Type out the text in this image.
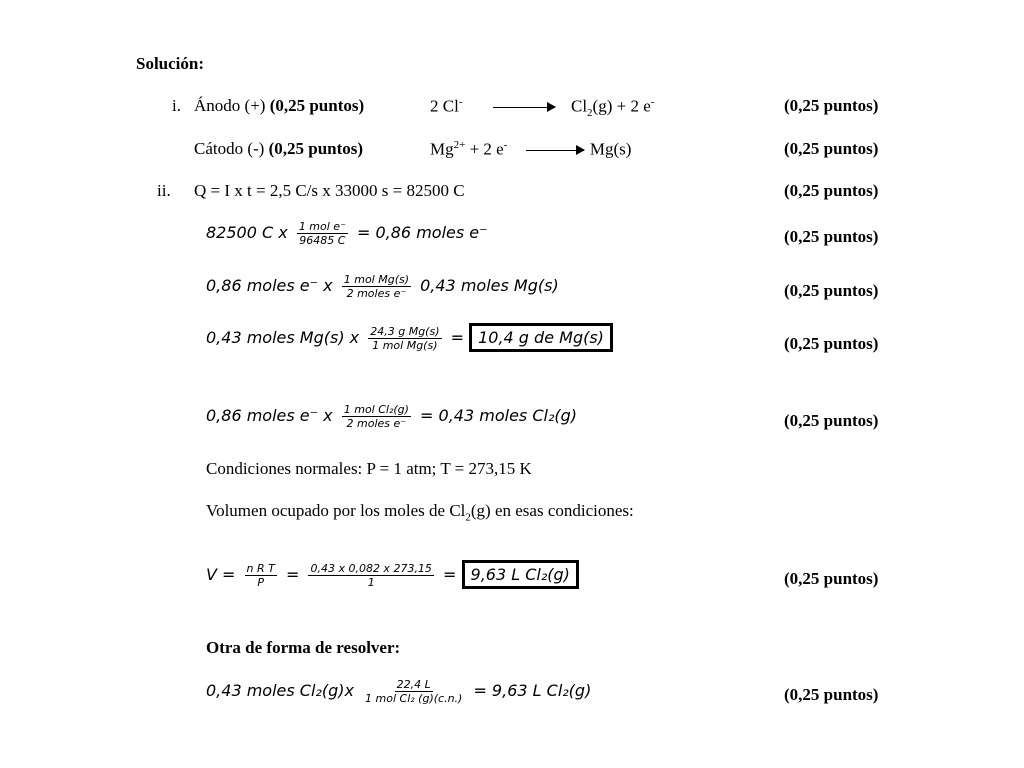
Solución:
i. Ánodo (+) (0,25 puntos)	2 $Cl^- \to Cl_2(g) + 2$ e-	(0,25 puntos)
Cátodo (-) (0,25 puntos)	$Mg^{2+} + 2$ e- → Mg(s)	(0,25 puntos)
ii. Q = I x t = 2,5 C/s x 33000 s = 82500 C	(0,25 puntos)
82500 C x $\frac{\text{1 mol e⁻}}{96485 C} = 0,86$ moles e⁻	(0,25 puntos)
0,86 moles e⁻ x $\frac{\text{1 mol Mg(s)}}{\text{2 moles e⁻}} 0,43$ moles Mg(s)	(0,25 puntos)
0,43 moles Mg(s) x $\frac{\text{24,3 g Mg(s)}}{\text{1 mol Mg(s)}} = 10,4$ g de Mg(s)	(0,25 puntos)
0,86 moles e⁻ x $\frac{\text{1 mol Cl₂(g)}}{\text{2 moles e⁻}} = 0,43$ moles Cl₂(g)	(0,25 puntos)
Condiciones normales: P = 1 atm; T = 273,15 K
Volumen ocupado por los moles de $Cl_2(g)$ en esas condiciones:
$V = \frac{\text{n R T}}{P} = \frac{0,43 x 0,082 x 273,15}{1} = 9,63$ L Cl₂(g)	(0,25 puntos)
Otra de forma de resolver:
0,43 moles $Cl_2(g)x \frac{22,4 L}{\text{1 mol Cl₂ (g)(c.n.)}} = 9,63$ L Cl₂(g)	(0,25 puntos)
